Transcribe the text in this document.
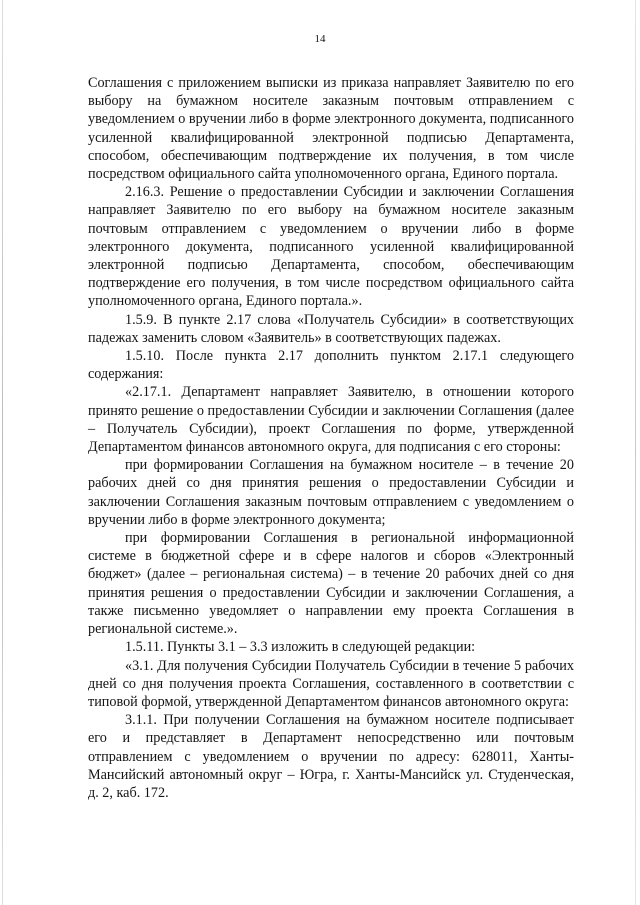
14

Соглашения с приложением выписки из приказа направляет Заявителю по его выбору на бумажном носителе заказным почтовым отправлением с уведомлением о вручении либо в форме электронного документа, подписанного усиленной квалифицированной электронной подписью Департамента, способом, обеспечивающим подтверждение их получения, в том числе посредством официального сайта уполномоченного органа, Единого портала.

2.16.3. Решение о предоставлении Субсидии и заключении Соглашения направляет Заявителю по его выбору на бумажном носителе заказным почтовым отправлением с уведомлением о вручении либо в форме электронного документа, подписанного усиленной квалифицированной электронной подписью Департамента, способом, обеспечивающим подтверждение его получения, в том числе посредством официального сайта уполномоченного органа, Единого портала.».

1.5.9. В пункте 2.17 слова «Получатель Субсидии» в соответствующих падежах заменить словом «Заявитель» в соответствующих падежах.

1.5.10. После пункта 2.17 дополнить пунктом 2.17.1 следующего содержания:

«2.17.1. Департамент направляет Заявителю, в отношении которого принято решение о предоставлении Субсидии и заключении Соглашения (далее – Получатель Субсидии), проект Соглашения по форме, утвержденной Департаментом финансов автономного округа, для подписания с его стороны:

при формировании Соглашения на бумажном носителе – в течение 20 рабочих дней со дня принятия решения о предоставлении Субсидии и заключении Соглашения заказным почтовым отправлением с уведомлением о вручении либо в форме электронного документа;

при формировании Соглашения в региональной информационной системе в бюджетной сфере и в сфере налогов и сборов «Электронный бюджет» (далее – региональная система) – в течение 20 рабочих дней со дня принятия решения о предоставлении Субсидии и заключении Соглашения, а также письменно уведомляет о направлении ему проекта Соглашения в региональной системе.».

1.5.11. Пункты 3.1 – 3.3 изложить в следующей редакции:

«3.1. Для получения Субсидии Получатель Субсидии в течение 5 рабочих дней со дня получения проекта Соглашения, составленного в соответствии с типовой формой, утвержденной Департаментом финансов автономного округа:

3.1.1. При получении Соглашения на бумажном носителе подписывает его и представляет в Департамент непосредственно или почтовым отправлением с уведомлением о вручении по адресу: 628011, Ханты-Мансийский автономный округ – Югра, г. Ханты-Мансийск ул. Студенческая, д. 2, каб. 172.
